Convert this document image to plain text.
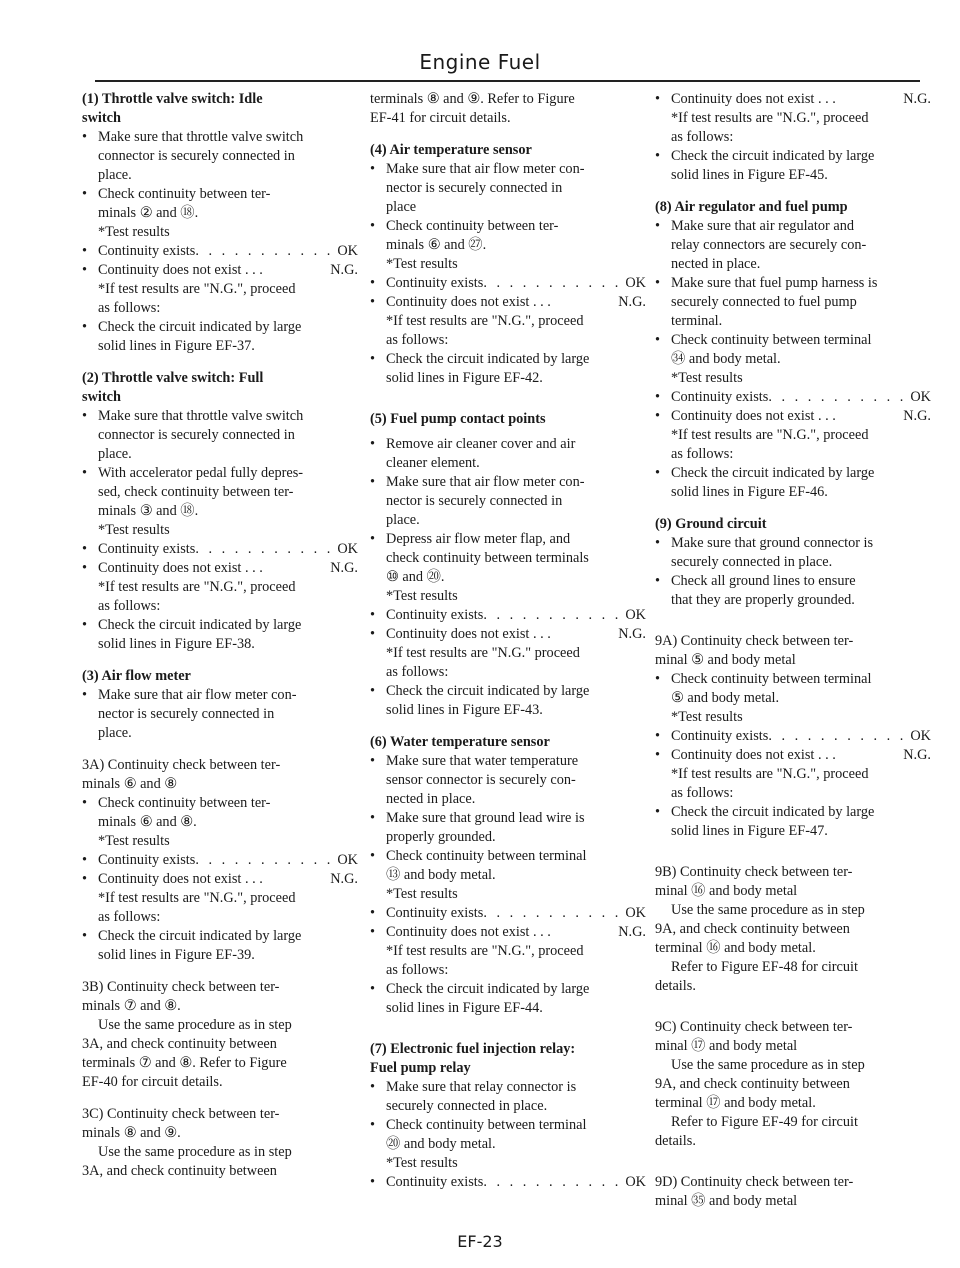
Engine Fuel
(1) Throttle valve switch: Idle
switch
• Make sure that throttle valve switch
connector is securely connected in
place.
• Check continuity between ter-
minals ② and ⑱.
*Test results
• Continuity exists . . .	OK
• Continuity does not exist . . .	N.G.
*If test results are "N.G.", proceed
as follows:
• Check the circuit indicated by large
solid lines in Figure EF-37.
(2) Throttle valve switch: Full
switch
• Make sure that throttle valve switch
connector is securely connected in
place.
• With accelerator pedal fully depres-
sed, check continuity between ter-
minals ③ and ⑱.
*Test results
• Continuity exists . . .	OK
• Continuity does not exist . . .	N.G.
*If test results are "N.G.", proceed
as follows:
• Check the circuit indicated by large
solid lines in Figure EF-38.
(3) Air flow meter
• Make sure that air flow meter con-
nector is securely connected in
place.
3A) Continuity check between ter-
minals ⑥ and ⑧
• Check continuity between ter-
minals ⑥ and ⑧.
*Test results
• Continuity exists . . .	OK
• Continuity does not exist . . .	N.G.
*If test results are "N.G.", proceed
as follows:
• Check the circuit indicated by large
solid lines in Figure EF-39.
3B) Continuity check between ter-
minals ⑦ and ⑧.
Use the same procedure as in step
3A, and check continuity between
terminals ⑦ and ⑧. Refer to Figure
EF-40 for circuit details.
3C) Continuity check between ter-
minals ⑧ and ⑨.
Use the same procedure as in step
3A, and check continuity between
terminals ⑧ and ⑨. Refer to Figure
EF-41 for circuit details.
(4) Air temperature sensor
• Make sure that air flow meter con-
nector is securely connected in
place
• Check continuity between ter-
minals ⑥ and ㉗.
*Test results
• Continuity exists . . .	OK
• Continuity does not exist . . .	N.G.
*If test results are "N.G.", proceed
as follows:
• Check the circuit indicated by large
solid lines in Figure EF-42.
(5) Fuel pump contact points
• Remove air cleaner cover and air
cleaner element.
• Make sure that air flow meter con-
nector is securely connected in
place.
• Depress air flow meter flap, and
check continuity between terminals
⑩ and ⑳.
*Test results
• Continuity exists . . .	OK
• Continuity does not exist . . .	N.G.
*If test results are "N.G." proceed
as follows:
• Check the circuit indicated by large
solid lines in Figure EF-43.
(6) Water temperature sensor
• Make sure that water temperature
sensor connector is securely con-
nected in place.
• Make sure that ground lead wire is
properly grounded.
• Check continuity between terminal
⑬ and body metal.
*Test results
• Continuity exists . . .	OK
• Continuity does not exist . . .	N.G.
*If test results are "N.G.", proceed
as follows:
• Check the circuit indicated by large
solid lines in Figure EF-44.
(7) Electronic fuel injection relay:
Fuel pump relay
• Make sure that relay connector is
securely connected in place.
• Check continuity between terminal
⑳ and body metal.
*Test results
• Continuity exists . . .	OK
• Continuity does not exist . . .	N.G.
*If test results are "N.G.", proceed
as follows:
• Check the circuit indicated by large
solid lines in Figure EF-45.
(8) Air regulator and fuel pump
• Make sure that air regulator and
relay connectors are securely con-
nected in place.
• Make sure that fuel pump harness is
securely connected to fuel pump
terminal.
• Check continuity between terminal
㉞ and body metal.
*Test results
• Continuity exists . . .	OK
• Continuity does not exist . . .	N.G.
*If test results are "N.G.", proceed
as follows:
• Check the circuit indicated by large
solid lines in Figure EF-46.
(9) Ground circuit
• Make sure that ground connector is
securely connected in place.
• Check all ground lines to ensure
that they are properly grounded.
9A) Continuity check between ter-
minal ⑤ and body metal
• Check continuity between terminal
⑤ and body metal.
*Test results
• Continuity exists . . .	OK
• Continuity does not exist . . .	N.G.
*If test results are "N.G.", proceed
as follows:
• Check the circuit indicated by large
solid lines in Figure EF-47.
9B) Continuity check between ter-
minal ⑯ and body metal
Use the same procedure as in step
9A, and check continuity between
terminal ⑯ and body metal.
Refer to Figure EF-48 for circuit
details.
9C) Continuity check between ter-
minal ⑰ and body metal
Use the same procedure as in step
9A, and check continuity between
terminal ⑰ and body metal.
Refer to Figure EF-49 for circuit
details.
9D) Continuity check between ter-
minal ㉟ and body metal
EF-23
